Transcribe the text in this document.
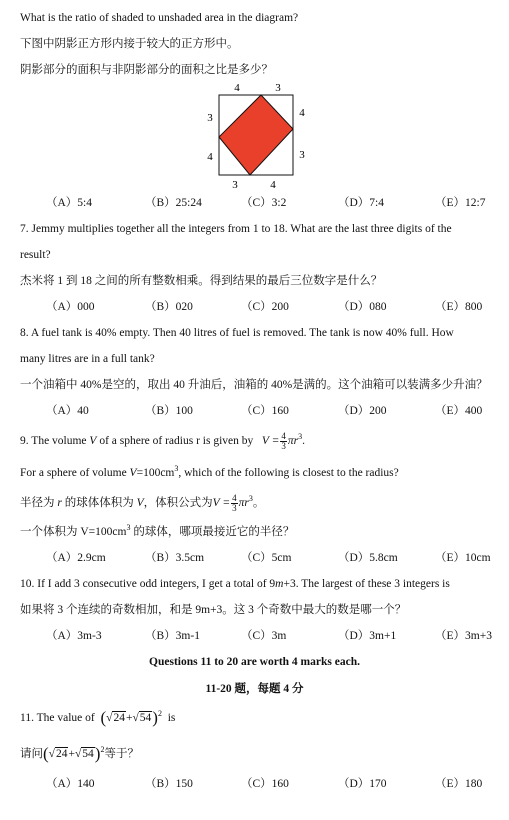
What is the ratio of shaded to unshaded area in the diagram?
下图中阴影正方形内接于较大的正方形中。
阴影部分的面积与非阴影部分的面积之比是多少？
4	3
4
3
3	4
3
4
（A）5:4	（B）25:24	（C）3:2	（D）7:4	（E）12:7
7. Jemmy multiplies together all the integers from 1 to 18. What are the last three digits of the
result?
杰米将 1 到 18 之间的所有整数相乘。得到结果的最后三位数字是什么？
（A）000	（B）020	（C）200	（D）080	（E）800
8. A fuel tank is 40% empty. Then 40 litres of fuel is removed. The tank is now 40% full. How
many litres are in a full tank?
一个油箱中 40%是空的，取出 40 升油后，油箱的 40%是满的。这个油箱可以装满多少升油？
（A）40	（B）100	（C）160	（D）200	（E）400
9. The volume V of a sphere of radius r is given by $V = \frac{4}{3} \pi r^3$.
For a sphere of volume $V=100cm^3$, which of the following is closest to the radius?
半径为 r 的球体体积为 V，体积公式为$V = \frac{4}{3} \pi r^3$。
一个体积为 $V=100cm^3$ 的球体，哪项最接近它的半径？
（A）2.9cm	（B）3.5cm	（C）5cm	（D）5.8cm	（E）10cm
10. If I add 3 consecutive odd integers, I get a total of 9m+3. The largest of these 3 integers is
如果将 3 个连续的奇数相加，和是 9m+3。这 3 个奇数中最大的数是哪一个？
（A）3m-3	（B）3m-1	（C）3m	（D）3m+1	（E）3m+3
Questions 11 to 20 are worth 4 marks each.
11-20 题，每题 4 分
11. The value of $(√24+√54)^2$ is
请问$(√24+√54)^2$等于？
（A）140	（B）150	（C）160	（D）170	（E）180
